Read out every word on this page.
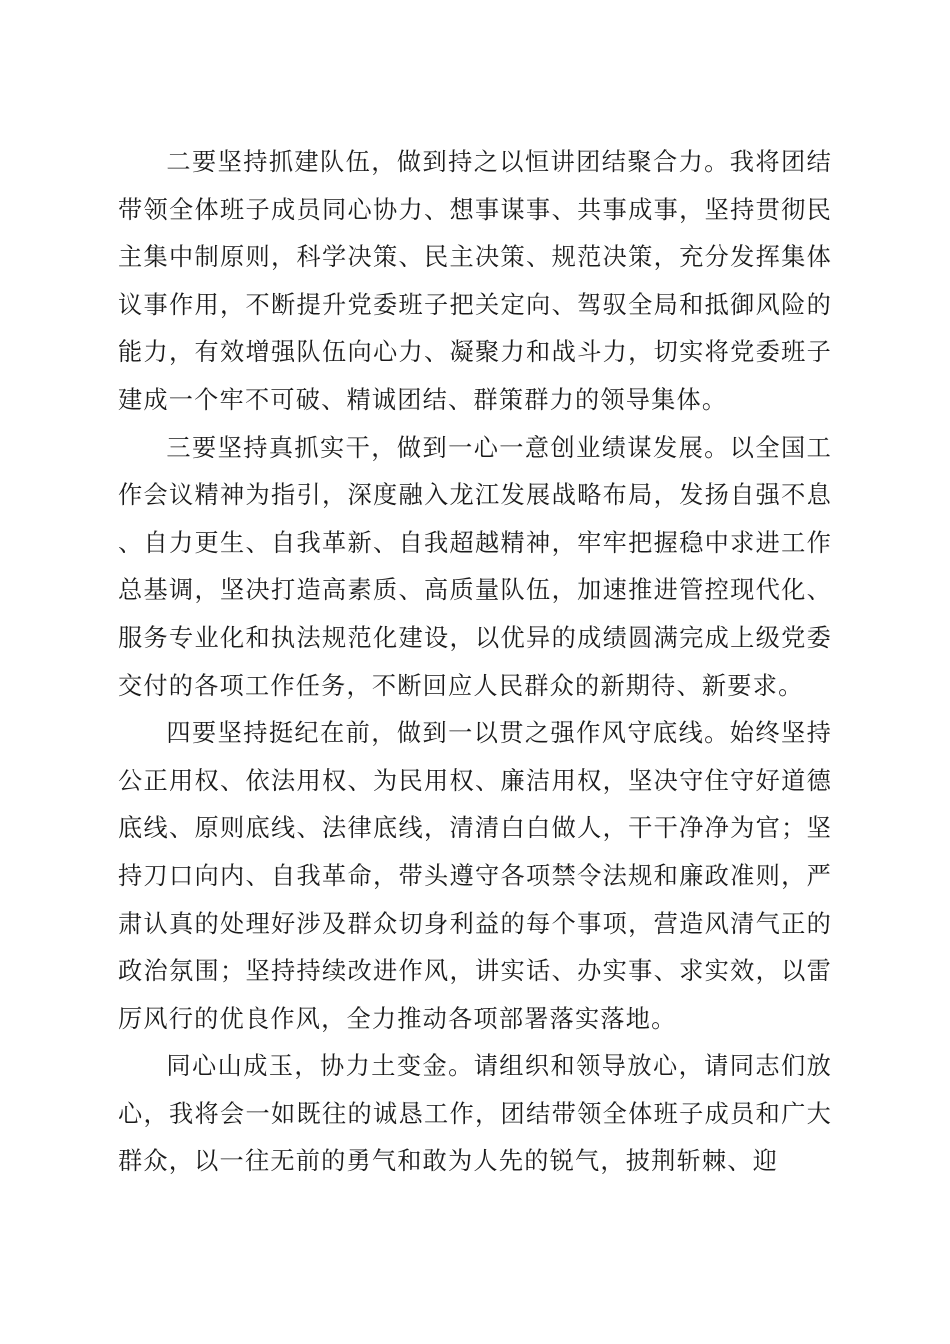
二要坚持抓建队伍，做到持之以恒讲团结聚合力。我将团结带领全体班子成员同心协力、想事谋事、共事成事，坚持贯彻民主集中制原则，科学决策、民主决策、规范决策，充分发挥集体议事作用，不断提升党委班子把关定向、驾驭全局和抵御风险的能力，有效增强队伍向心力、凝聚力和战斗力，切实将党委班子建成一个牢不可破、精诚团结、群策群力的领导集体。

三要坚持真抓实干，做到一心一意创业绩谋发展。以全国工作会议精神为指引，深度融入龙江发展战略布局，发扬自强不息、自力更生、自我革新、自我超越精神，牢牢把握稳中求进工作总基调，坚决打造高素质、高质量队伍，加速推进管控现代化、服务专业化和执法规范化建设，以优异的成绩圆满完成上级党委交付的各项工作任务，不断回应人民群众的新期待、新要求。

四要坚持挺纪在前，做到一以贯之强作风守底线。始终坚持公正用权、依法用权、为民用权、廉洁用权，坚决守住守好道德底线、原则底线、法律底线，清清白白做人，干干净净为官；坚持刀口向内、自我革命，带头遵守各项禁令法规和廉政准则，严肃认真的处理好涉及群众切身利益的每个事项，营造风清气正的政治氛围；坚持持续改进作风，讲实话、办实事、求实效，以雷厉风行的优良作风，全力推动各项部署落实落地。

同心山成玉，协力土变金。请组织和领导放心，请同志们放心，我将会一如既往的诚恳工作，团结带领全体班子成员和广大群众，以一往无前的勇气和敢为人先的锐气，披荆斩棘、迎
